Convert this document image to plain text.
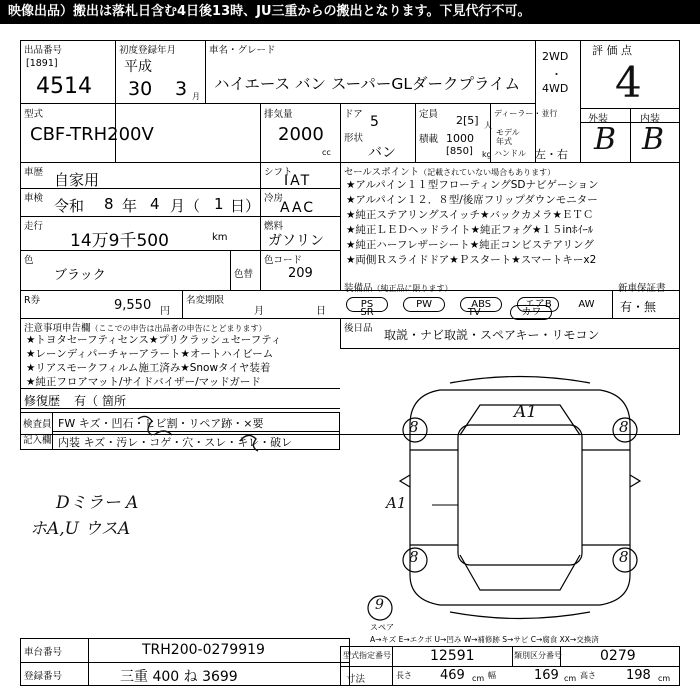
映像出品）搬出は落札日含む4日後13時、JU三重からの搬出となります。下見代行不可。
出品番号
[1891]
4514
初度登録年月
平成
30 3 月
車名・グレード
ハイエース バン スーパーGLダークプライム
2WD
・
4WD
評 価 点
4
型式
CBF-TRH200V
排気量
2000
cc
ドア 5
形状
バン
定員 2[5] 人
積載 1000
[850] kg
ディーラー・並行
モデル年式
ハンドル 左・右
外装	内装
B B
車歴 自家用
車検 令和 8 年 4 月（ 1 日）
走行
14万9千500	km
シフト
IAT
冷房
AAC
燃料
ガソリン
色
ブラック	色替
色コード
209
R券	9,550 円
名変期限
月	日
セールスポイント（記載されていない場合もあります）
★アルパイン１１型フローティングSDナビゲーション
★アルパイン１２．８型/後席フリップダウンモニター
★純正ステアリングスイッチ★バックカメラ★ＥＴＣ
★純正ＬＥＤヘッドライト★純正フォグ★１５inﾎｲｰﾙ
★純正ハーフレザーシート★純正コンビステアリング
★両側Ｒスライドドア★Ｐスタート★スマートキーx2
装備品（純正品に限ります）
PS	PW	ABS	エアB	AW
SR	TV	カワ
新車保証書
有・無
注意事項申告欄（ここでの申告は出品者の申告にとどまります）
★トヨタセーフティセンス★プリクラッシュセーフティ
★レーンディパーチャーアラート★オートハイビーム
★リアスモークフィルム施工済み★Snowタイヤ装着
★純正フロアマット/サイドバイザー/マッドガード
修復歴 有（ 箇所
後日品 取説・ナビ取説・スペアキー・リモコン
検査員
記入欄
FW キズ・凹石・ヒビ割・リペア跡・×要
内装 キズ・汚レ・コゲ・穴・スレ・キレ・破レ
Dミラー A
ホA,U ウスA
8	8
8	8
A1
A1
9
スペア
A→キズ E→エクボ U→凹み W→補修跡 S→サビ C→腐食 XX→交換済
車台番号	TRH200-0279919
登録番号	三重 400 ね 3699
型式指定番号	12591	類別区分番号	0279
寸法	長さ 469 cm 幅	169 cm 高さ 198 cm
